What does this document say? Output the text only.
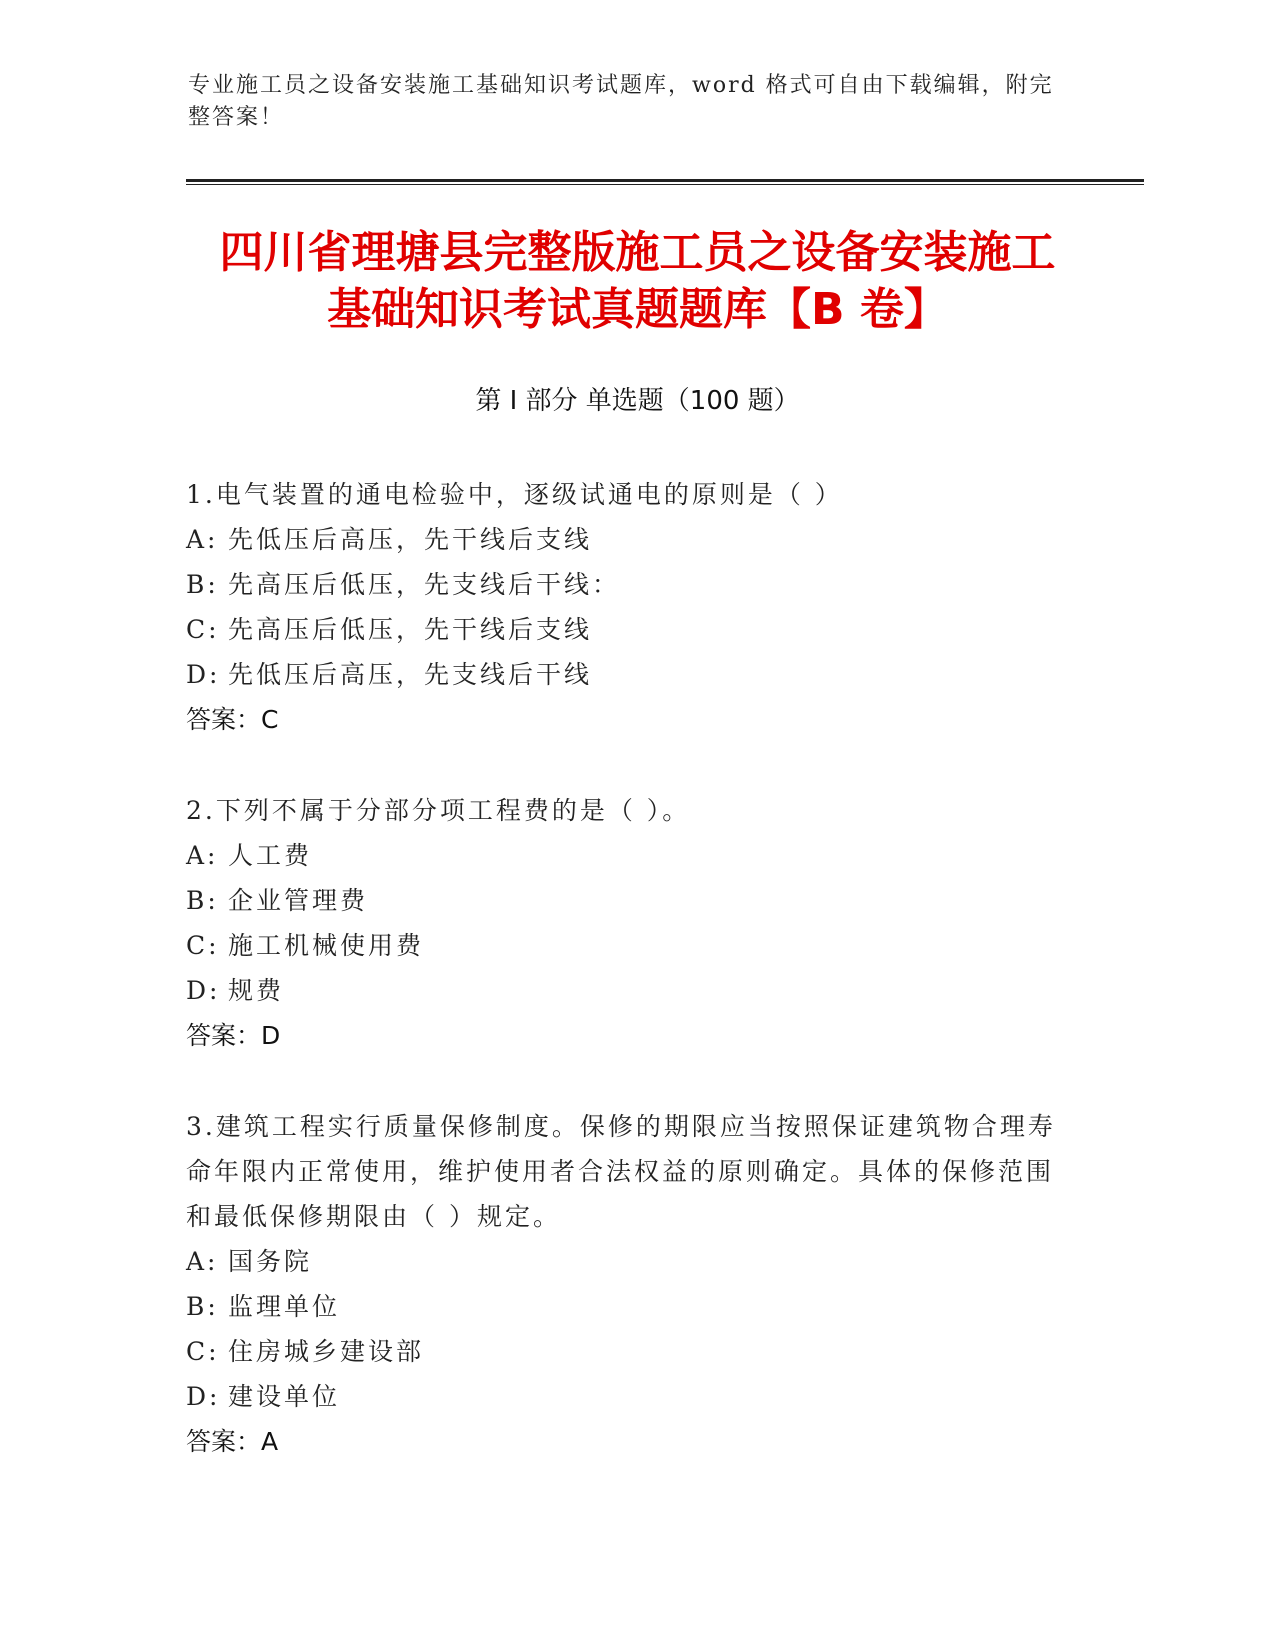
专业施工员之设备安装施工基础知识考试题库，word 格式可自由下载编辑，附完整答案！
四川省理塘县完整版施工员之设备安装施工
基础知识考试真题题库【B 卷】
第 I 部分 单选题（100 题）
1.电气装置的通电检验中，逐级试通电的原则是（ ）
A: 先低压后高压，先干线后支线
B: 先高压后低压，先支线后干线：
C: 先高压后低压，先干线后支线
D: 先低压后高压，先支线后干线
答案：C
2.下列不属于分部分项工程费的是（ ）。
A: 人工费
B: 企业管理费
C: 施工机械使用费
D: 规费
答案：D
3.建筑工程实行质量保修制度。保修的期限应当按照保证建筑物合理寿命年限内正常使用，维护使用者合法权益的原则确定。具体的保修范围和最低保修期限由（ ）规定。
A: 国务院
B: 监理单位
C: 住房城乡建设部
D: 建设单位
答案：A
